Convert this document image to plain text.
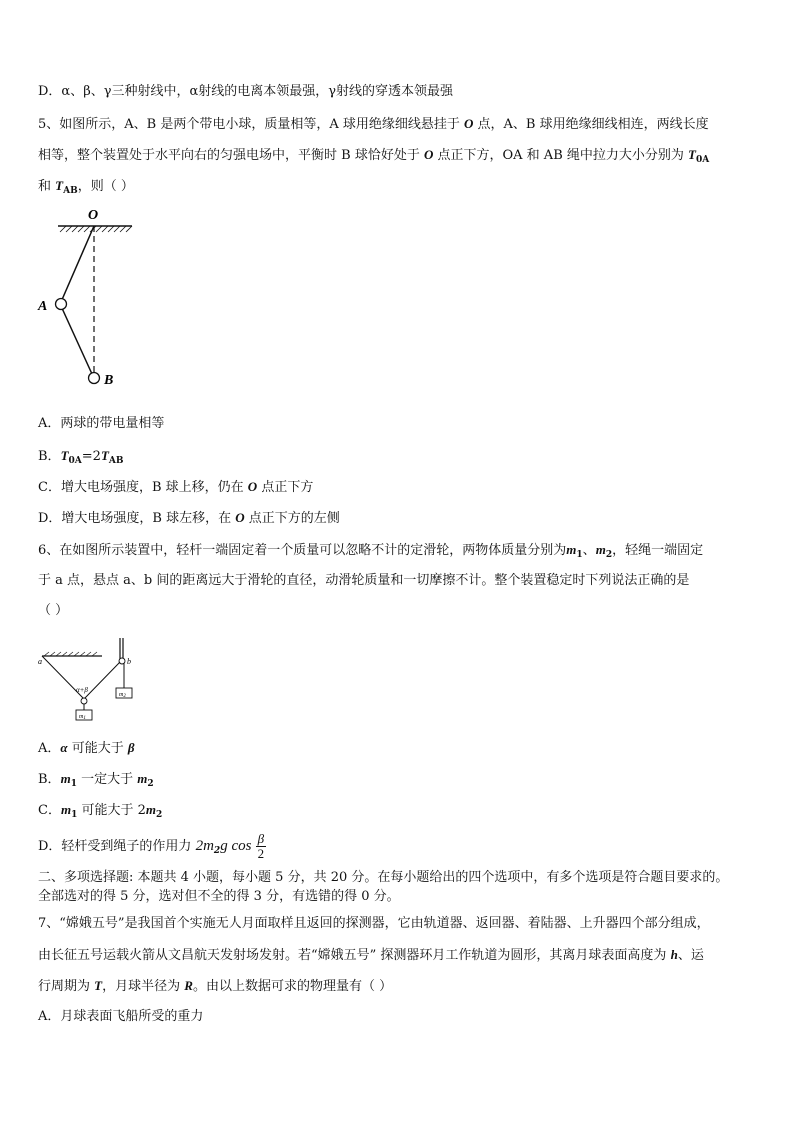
D．α、β、γ三种射线中，α射线的电离本领最强，γ射线的穿透本领最强
5、如图所示，A、B 是两个带电小球，质量相等，A 球用绝缘细线悬挂于 O 点，A、B 球用绝缘细线相连，两线长度
相等，整个装置处于水平向右的匀强电场中，平衡时 B 球恰好处于 O 点正下方，OA 和 AB 绳中拉力大小分别为 $T_{0A}$
和 $T_{AB}$，则（ ）
O
A
B
A．两球的带电量相等
B．$T_{0A}=2T_{AB}$
C．增大电场强度，B 球上移，仍在 O 点正下方
D．增大电场强度，B 球左移，在 O 点正下方的左侧
6、在如图所示装置中，轻杆一端固定着一个质量可以忽略不计的定滑轮，两物体质量分别为$m_1$、$m_2$，轻绳一端固定
于 a 点，悬点 a、b 间的距离远大于滑轮的直径，动滑轮质量和一切摩擦不计。整个装置稳定时下列说法正确的是
（ ）
a	b
α+β
m1
m2
A．α 可能大于 β
B．$m_1$ 一定大于 $m_2$
C．$m_1$ 可能大于 $2m_2$
D．轻杆受到绳子的作用力 $2m_2g$ $\cos \frac{\beta}{2}$
二、多项选择题: 本题共 4 小题，每小题 5 分，共 20 分。在每小题给出的四个选项中，有多个选项是符合题目要求的。
全部选对的得 5 分，选对但不全的得 3 分，有选错的得 0 分。
7、“嫦娥五号”是我国首个实施无人月面取样且返回的探测器，它由轨道器、返回器、着陆器、上升器四个部分组成，
由长征五号运载火箭从文昌航天发射场发射。若“嫦娥五号” 探测器环月工作轨道为圆形，其离月球表面高度为 h、运
行周期为 T，月球半径为 R。由以上数据可求的物理量有（ ）
A．月球表面飞船所受的重力
